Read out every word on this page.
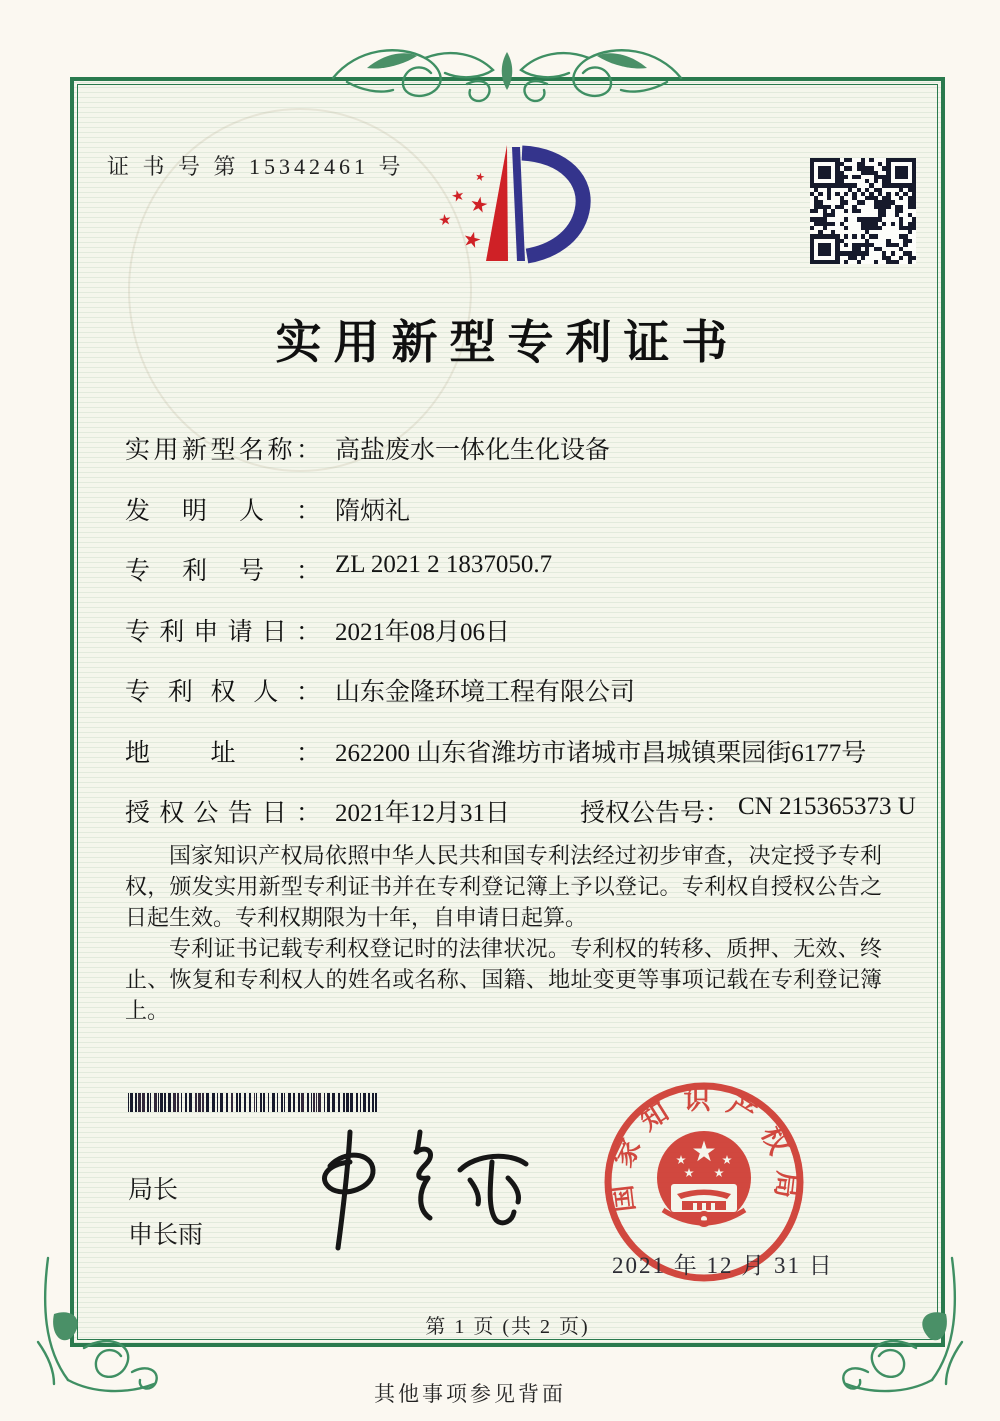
证 书 号 第 15342461 号
实用新型专利证书
实用新型名称： 高盐废水一体化生化设备
发明人： 隋炳礼
专利号： ZL 2021 2 1837050.7
专利申请日： 2021年08月06日
专利权人： 山东金隆环境工程有限公司
地址： 262200 山东省潍坊市诸城市昌城镇栗园街6177号
授权公告日： 2021年12月31日	授权公告号： CN 215365373 U

国家知识产权局依照中华人民共和国专利法经过初步审查，决定授予专利权，颁发实用新型专利证书并在专利登记簿上予以登记。专利权自授权公告之日起生效。专利权期限为十年，自申请日起算。

专利证书记载专利权登记时的法律状况。专利权的转移、质押、无效、终止、恢复和专利权人的姓名或名称、国籍、地址变更等事项记载在专利登记簿上。

局长
申长雨
国家知识产权局
2021 年 12 月 31 日
第 1 页 (共 2 页)
其他事项参见背面
